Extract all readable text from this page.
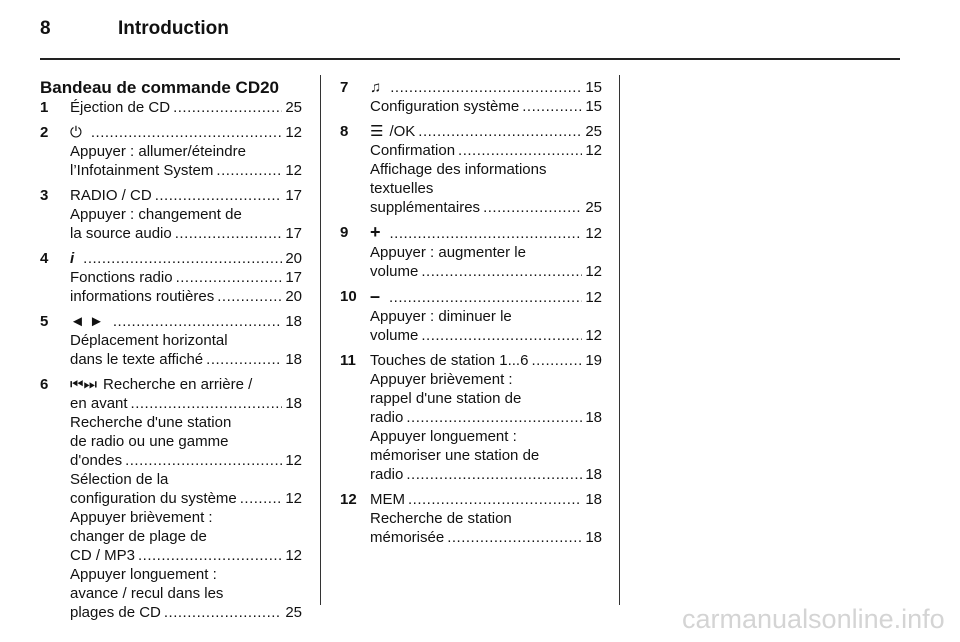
8	Introduction
Bandeau de commande CD20
1 Éjection de CD .....	25
2 ⏻ .....	12
Appuyer : allumer/éteindre
l’Infotainment System .....	12
3 RADIO / CD .....	17
Appuyer : changement de
la source audio .....	17
4 i .....	20
Fonctions radio .....	17
informations routières .....	20
5 ◄ ► .....	18
Déplacement horizontal
dans le texte affiché .....	18
6 ⏮⏭ Recherche en arrière /
en avant .....	18
Recherche d'une station
de radio ou une gamme
d'ondes .....	12
Sélection de la
configuration du système .....	12
Appuyer brièvement :
changer de plage de
CD / MP3 .....	12
Appuyer longuement :
avance / recul dans les
plages de CD .....	25
7 ♫ .....	15
Configuration système .....	15
8 ☰ /OK .....	25
Confirmation .....	12
Affichage des informations
textuelles
supplémentaires .....	25
9 + .....	12
Appuyer : augmenter le
volume .....	12
10 – .....	12
Appuyer : diminuer le
volume .....	12
11 Touches de station 1...6 .....	19
Appuyer brièvement :
rappel d'une station de
radio .....	18
Appuyer longuement :
mémoriser une station de
radio .....	18
12 MEM .....	18
Recherche de station
mémorisée .....	18
carmanualsonline.info
